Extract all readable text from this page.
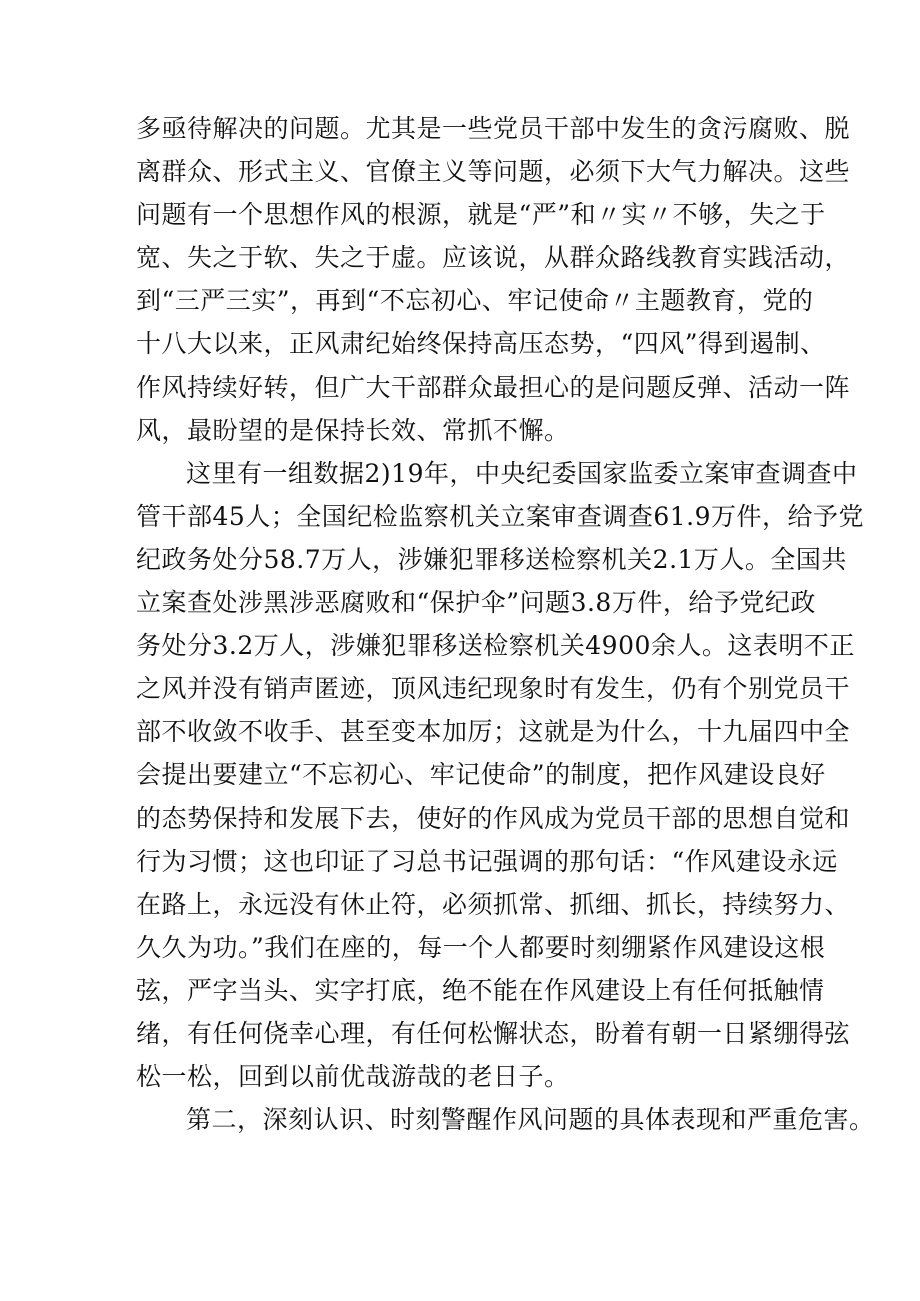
多亟待解决的问题。尤其是一些党员干部中发生的贪污腐败、脱
离群众、形式主义、官僚主义等问题，必须下大气力解决。这些
问题有一个思想作风的根源，就是“严”和〃实〃不够，失之于
宽、失之于软、失之于虚。应该说，从群众路线教育实践活动，
到“三严三实”，再到“不忘初心、牢记使命〃主题教育，党的
十八大以来，正风肃纪始终保持高压态势，“四风”得到遏制、
作风持续好转，但广大干部群众最担心的是问题反弹、活动一阵
风，最盼望的是保持长效、常抓不懈。
这里有一组数据2)19年，中央纪委国家监委立案审查调查中
管干部45人；全国纪检监察机关立案审查调查61.9万件，给予党
纪政务处分58.7万人，涉嫌犯罪移送检察机关2.1万人。全国共
立案查处涉黑涉恶腐败和“保护伞”问题3.8万件，给予党纪政
务处分3.2万人，涉嫌犯罪移送检察机关4900余人。这表明不正
之风并没有销声匿迹，顶风违纪现象时有发生，仍有个别党员干
部不收敛不收手、甚至变本加厉；这就是为什么，十九届四中全
会提出要建立“不忘初心、牢记使命”的制度，把作风建设良好
的态势保持和发展下去，使好的作风成为党员干部的思想自觉和
行为习惯；这也印证了习总书记强调的那句话：“作风建设永远
在路上，永远没有休止符，必须抓常、抓细、抓长，持续努力、
久久为功。”我们在座的，每一个人都要时刻绷紧作风建设这根
弦，严字当头、实字打底，绝不能在作风建设上有任何抵触情
绪，有任何侥幸心理，有任何松懈状态，盼着有朝一日紧绷得弦
松一松，回到以前优哉游哉的老日子。
第二，深刻认识、时刻警醒作风问题的具体表现和严重危害。
